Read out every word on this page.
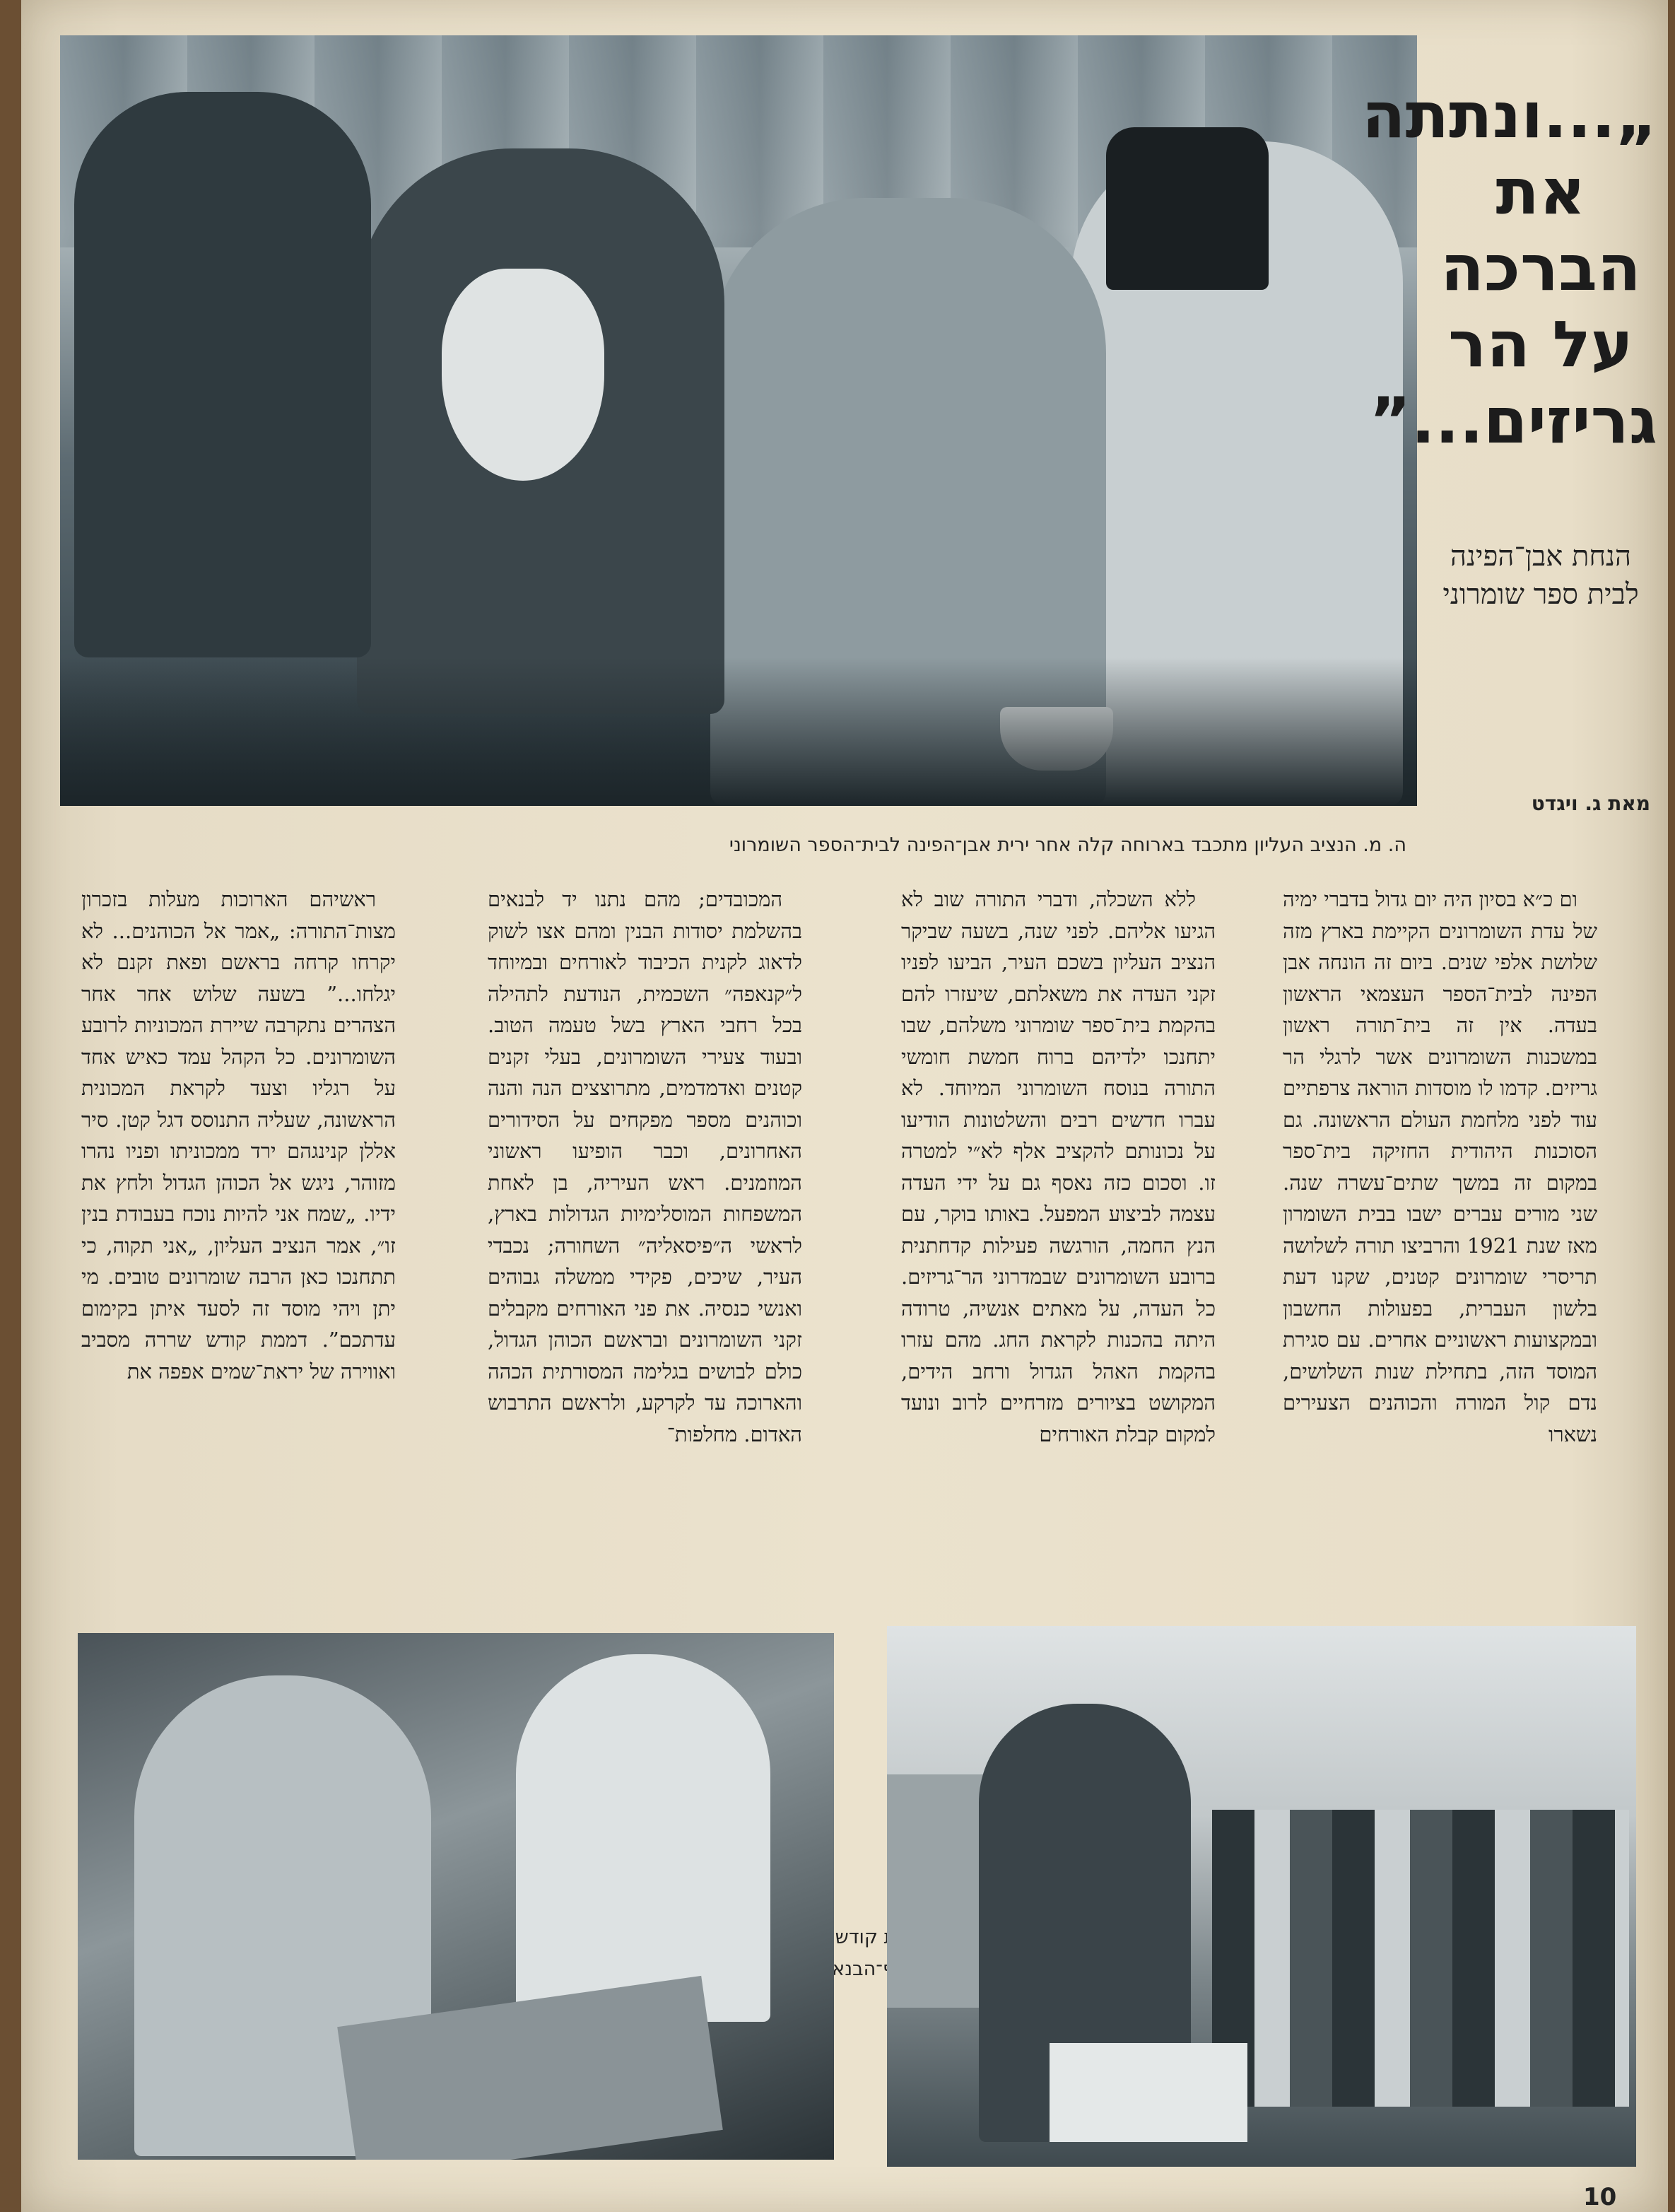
„...ונתתה את הברכה על הר גריזים...”
הנחת אבן־הפינה לבית ספר שומרוני
מאת ג. ויגדט
ה. מ. הנציב העליון מתכבד בארוחה קלה אחר ירית אבן־הפינה לבית־הספר השומרוני

ום כ״א בסיון היה יום גדול בדברי ימיה של עדת השומרונים הקיימת בארץ מזה שלושת אלפי שנים. ביום זה הונחה אבן הפינה לבית־הספר העצמאי הראשון בעדה. אין זה בית־תורה ראשון במשכנות השומרונים אשר לרגלי הר גריזים. קדמו לו מוסדות הוראה צרפתיים עוד לפני מלחמת העולם הראשונה. גם הסוכנות היהודית החזיקה בית־ספר במקום זה במשך שתים־עשרה שנה. שני מורים עברים ישבו בבית השומרון מאז שנת 1921 והרביצו תורה לשלושה תריסרי שומרונים קטנים, שקנו דעת בלשון העברית, בפעולות החשבון ובמקצועות ראשוניים אחרים. עם סגירת המוסד הזה, בתחילת שנות השלושים, נדם קול המורה והכוהנים הצעירים נשארו

ללא השכלה, ודברי התורה שוב לא הגיעו אליהם. לפני שנה, בשעה שביקר הנציב העליון בשכם העיר, הביעו לפניו זקני העדה את משאלתם, שיעזרו להם בהקמת בית־ספר שומרוני משלהם, שבו יתחנכו ילדיהם ברוח חמשת חומשי התורה בנוסח השומרוני המיוחד. לא עברו חדשים רבים והשלטונות הודיעו על נכונותם להקציב אלף לא״י למטרה זו. וסכום כזה נאסף גם על ידי העדה עצמה לביצוע המפעל. באותו בוקר, עם הנץ החמה, הורגשה פעילות קדחתנית ברובע השומרונים שבמדרוני הר־גריזים. כל העדה, על מאתים אנשיה, טרודה היתה בהכנות לקראת החג. מהם עזרו בהקמת האהל הגדול ורחב הידים, המקושט בציורים מזרחיים לרוב ונועד למקום קבלת האורחים

המכובדים; מהם נתנו יד לבנאים בהשלמת יסודות הבנין ומהם אצו לשוק לדאוג לקנית הכיבוד לאורחים ובמיוחד ל״קנאפה״ השכמית, הנודעת לתהילה בכל רחבי הארץ בשל טעמה הטוב. ובעוד צעירי השומרונים, בעלי זקנים קטנים ואדמדמים, מתרוצצים הנה והנה וכוהנים מספר מפקחים על הסידורים האחרונים, וכבר הופיעו ראשוני המוזמנים. ראש העיריה, בן לאחת המשפחות המוסלימיות הגדולות בארץ, לראשי ה״פיסאליה״ השחורה; נכבדי העיר, שיכים, פקידי ממשלה גבוהים ואנשי כנסיה. את פני האורחים מקבלים זקני השומרונים ובראשם הכוהן הגדול, כולם לבושים בגלימה המסורתית הכהה והארוכה עד לקרקע, ולראשם התרבוש האדום. מחלפות־

ראשיהם הארוכות מעלות בזכרון מצות־התורה: „אמר אל הכוהנים... לא יקרחו קרחה בראשם ופאת זקנם לא יגלחו...” בשעה שלוש אחר אחר הצהרים נתקרבה שיירת המכוניות לרובע השומרונים. כל הקהל עמד כאיש אחד על רגליו וצעד לקראת המכונית הראשונה, שעליה התנוסס דגל קטן. סיר אללן קנינגהם ירד ממכוניתו ופניו נהרו מזוהר, ניגש אל הכוהן הגדול ולחץ את ידיו. „שמח אני להיות נוכח בעבודת בנין זו״, אמר הנציב העליון, „אני תקוה, כי תתחנכו כאן הרבה שומרונים טובים. מי יתן ויהי מוסד זה לסעד איתן בקימום עדתכם”. דממת קודש שררה מסביב ואווירה של יראת־שמים אפפה את

קודש
כף־הבנאים”
10
